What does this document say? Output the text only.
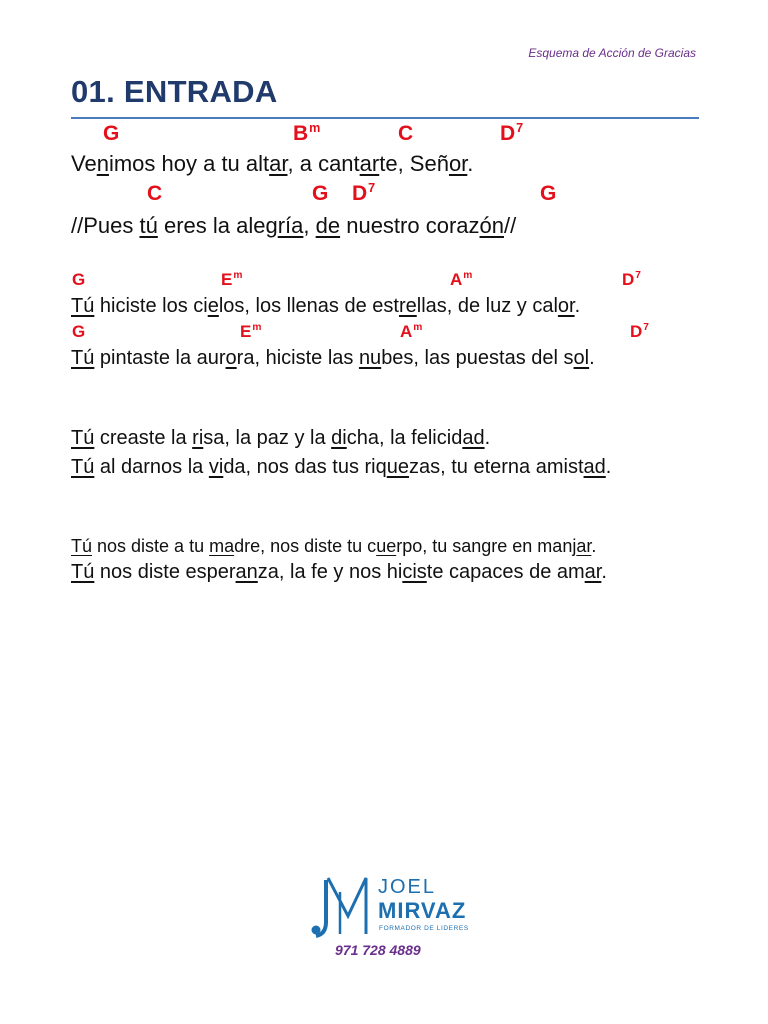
Esquema de Acción de Gracias
01. ENTRADA
G	$B^m$	C	$D^7$
Venimos hoy a tu altar, a cantarte, Señor.
C	G $D^7$	G
//Pues tú eres la alegría, de nuestro corazón//
G	$E^m$	$A^m$	$D^7$
Tú hiciste los cielos, los llenas de estrellas, de luz y calor.
G	$E^m$	$A^m$	$D^7$
Tú pintaste la aurora, hiciste las nubes, las puestas del sol.
Tú creaste la risa, la paz y la dicha, la felicidad.
Tú al darnos la vida, nos das tus riquezas, tu eterna amistad.
Tú nos diste a tu madre, nos diste tu cuerpo, tu sangre en manjar.
Tú nos diste esperanza, la fe y nos hiciste capaces de amar.
JOEL
MIRVAZ
FORMADOR DE LIDERES
971 728 4889
